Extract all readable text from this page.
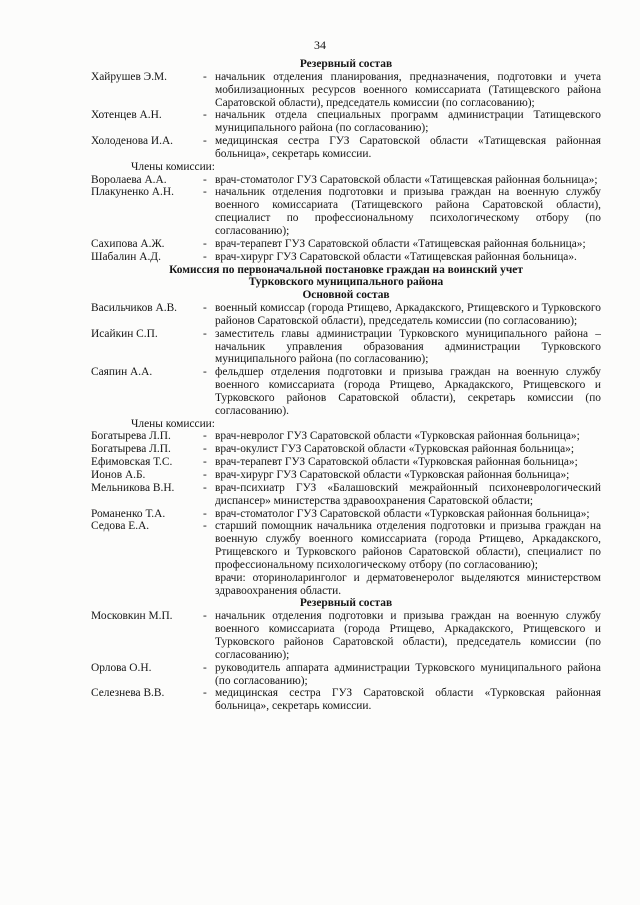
34
Резервный состав
Хайрушев Э.М.	- начальник отделения планирования, предназначения, подготовки и учета мобилизационных ресурсов военного комиссариата (Татищевского района Саратовской области), председатель комиссии (по согласованию);
Хотенцев А.Н.	- начальник отдела специальных программ администрации Татищевского муниципального района (по согласованию);
Холоденова И.А.	- медицинская сестра ГУЗ Саратовской области «Татищевская районная больница», секретарь комиссии.
Члены комиссии:
Воролаева А.А.	- врач-стоматолог ГУЗ Саратовской области «Татищевская районная больница»;
Плакуненко А.Н.	- начальник отделения подготовки и призыва граждан на военную службу военного комиссариата (Татищевского района Саратовской области), специалист по профессиональному психологическому отбору (по согласованию);
Сахипова А.Ж.	- врач-терапевт ГУЗ Саратовской области «Татищевская районная больница»;
Шабалин А.Д.	- врач-хирург ГУЗ Саратовской области «Татищевская районная больница».
Комиссия по первоначальной постановке граждан на воинский учет
Турковского муниципального района
Основной состав
Васильчиков А.В.	- военный комиссар (города Ртищево, Аркадакского, Ртищевского и Турковского районов Саратовской области), председатель комиссии (по согласованию);
Исайкин С.П.	- заместитель главы администрации Турковского муниципального района – начальник управления образования администрации Турковского муниципального района (по согласованию);
Саяпин А.А.	- фельдшер отделения подготовки и призыва граждан на военную службу военного комиссариата (города Ртищево, Аркадакского, Ртищевского и Турковского районов Саратовской области), секретарь комиссии (по согласованию).
Члены комиссии:
Богатырева Л.П.	- врач-невролог ГУЗ Саратовской области «Турковская районная больница»;
Богатырева Л.П.	- врач-окулист ГУЗ Саратовской области «Турковская районная больница»;
Ефимовская Т.С.	- врач-терапевт ГУЗ Саратовской области «Турковская районная больница»;
Ионов А.Б.	- врач-хирург ГУЗ Саратовской области «Турковская районная больница»;
Мельникова В.Н.	- врач-психиатр ГУЗ «Балашовский межрайонный психоневрологический диспансер» министерства здравоохранения Саратовской области;
Романенко Т.А.	- врач-стоматолог ГУЗ Саратовской области «Турковская районная больница»;
Седова Е.А.	- старший помощник начальника отделения подготовки и призыва граждан на военную службу военного комиссариата (города Ртищево, Аркадакского, Ртищевского и Турковского районов Саратовской области), специалист по профессиональному психологическому отбору (по согласованию);
врачи: оториноларинголог и дерматовенеролог выделяются министерством здравоохранения области.
Резервный состав
Московкин М.П.	- начальник отделения подготовки и призыва граждан на военную службу военного комиссариата (города Ртищево, Аркадакского, Ртищевского и Турковского районов Саратовской области), председатель комиссии (по согласованию);
Орлова О.Н.	- руководитель аппарата администрации Турковского муниципального района (по согласованию);
Селезнева В.В.	- медицинская сестра ГУЗ Саратовской области «Турковская районная больница», секретарь комиссии.
